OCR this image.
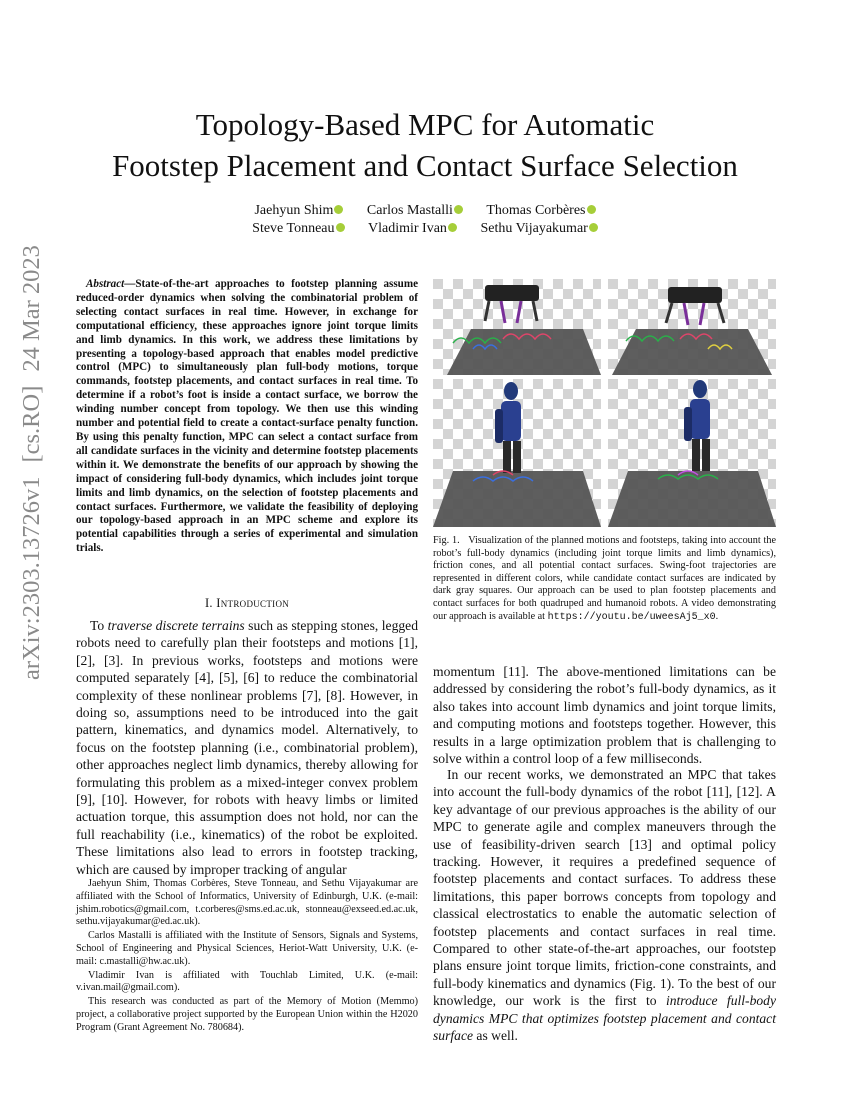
Topology-Based MPC for Automatic
Footstep Placement and Contact Surface Selection
Jaehyun Shim Carlos Mastalli Thomas Corbères
Steve Tonneau Vladimir Ivan Sethu Vijayakumar
arXiv:2303.13726v1[cs.RO]24 Mar 2023	Abstract—State-of-the-art approaches to footstep planning assume reduced-order dynamics when solving the combinatorial problem of selecting contact surfaces in real time. However, in exchange for computational efficiency, these approaches ignore joint torque limits and limb dynamics. In this work, we address these limitations by presenting a topology-based approach that enables model predictive control (MPC) to simultaneously plan full-body motions, torque commands, footstep placements, and contact surfaces in real time. To determine if a robot’s foot is inside a contact surface, we borrow the winding number concept from topology. We then use this winding number and potential field to create a contact-surface penalty function. By using this penalty function, MPC can select a contact surface from all candidate surfaces in the vicinity and determine footstep placements within it. We demonstrate the benefits of our approach by showing the impact of considering full-body dynamics, which includes joint torque limits and limb dynamics, on the selection of footstep placements and contact surfaces. Furthermore, we validate the feasibility of deploying our topology-based approach in an MPC scheme and explore its potential capabilities through a series of experimental and simulation trials.

I. Introduction

To traverse discrete terrains such as stepping stones, legged robots need to carefully plan their footsteps and motions [1], [2], [3]. In previous works, footsteps and motions were computed separately [4], [5], [6] to reduce the combinatorial complexity of these nonlinear problems [7], [8]. However, in doing so, assumptions need to be introduced into the gait pattern, kinematics, and dynamics model. Alternatively, to focus on the footstep planning (i.e., combinatorial problem), other approaches neglect limb dynamics, thereby allowing for formulating this problem as a mixed-integer convex problem [9], [10]. However, for robots with heavy limbs or limited actuation torque, this assumption does not hold, nor can the full reachability (i.e., kinematics) of the robot be exploited. These limitations also lead to errors in footstep tracking, which are caused by improper tracking of angular

Jaehyun Shim, Thomas Corbères, Steve Tonneau, and Sethu Vijayakumar are affiliated with the School of Informatics, University of Edinburgh, U.K. (e-mail: jshim.robotics@gmail.com, t.corberes@sms.ed.ac.uk, stonneau@exseed.ed.ac.uk, sethu.vijayakumar@ed.ac.uk).

Carlos Mastalli is affiliated with the Institute of Sensors, Signals and Systems, School of Engineering and Physical Sciences, Heriot-Watt University, U.K. (e-mail: c.mastalli@hw.ac.uk).

Vladimir Ivan is affiliated with Touchlab Limited, U.K. (e-mail: v.ivan.mail@gmail.com).

This research was conducted as part of the Memory of Motion (Memmo) project, a collaborative project supported by the European Union within the H2020 Program (Grant Agreement No. 780684).

Fig. 1. Visualization of the planned motions and footsteps, taking into account the robot’s full-body dynamics (including joint torque limits and limb dynamics), friction cones, and all potential contact surfaces. Swing-foot trajectories are represented in different colors, while candidate contact surfaces are indicated by dark gray squares. Our approach can be used to plan footstep placements and contact surfaces for both quadruped and humanoid robots. A video demonstrating our approach is available at https://youtu.be/uweesAj5_x0.

momentum [11]. The above-mentioned limitations can be addressed by considering the robot’s full-body dynamics, as it also takes into account limb dynamics and joint torque limits, and computing motions and footsteps together. However, this results in a large optimization problem that is challenging to solve within a control loop of a few milliseconds.

In our recent works, we demonstrated an MPC that takes into account the full-body dynamics of the robot [11], [12]. A key advantage of our previous approaches is the ability of our MPC to generate agile and complex maneuvers through the use of feasibility-driven search [13] and optimal policy tracking. However, it requires a predefined sequence of footstep placements and contact surfaces. To address these limitations, this paper borrows concepts from topology and classical electrostatics to enable the automatic selection of footstep placements and contact surfaces in real time. Compared to other state-of-the-art approaches, our footstep plans ensure joint torque limits, friction-cone constraints, and full-body kinematics and dynamics (Fig. 1). To the best of our knowledge, our work is the first to introduce full-body dynamics MPC that optimizes footstep placement and contact surface as well.
